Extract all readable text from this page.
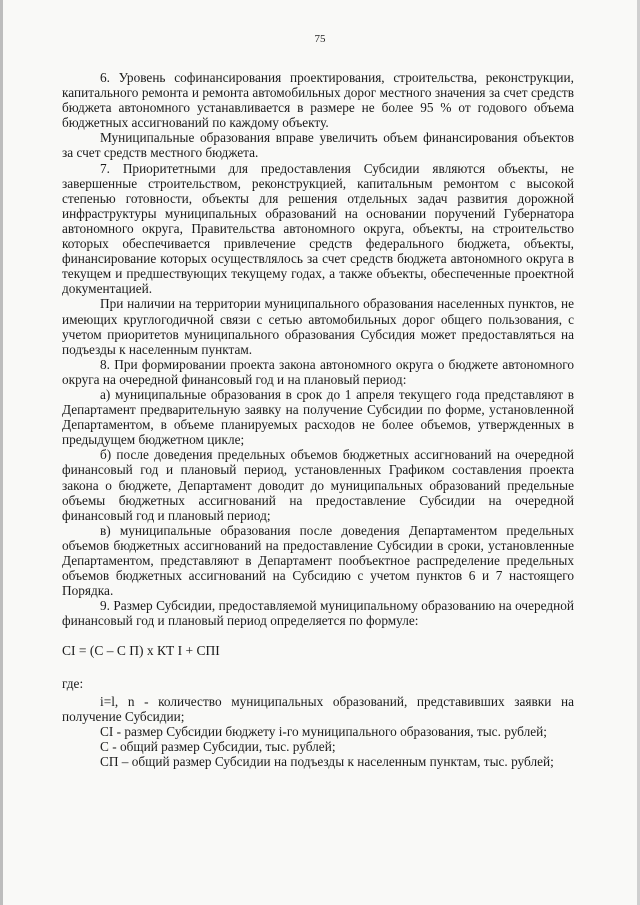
75

6. Уровень софинансирования проектирования, строительства, реконструкции, капитального ремонта и ремонта автомобильных дорог местного значения за счет средств бюджета автономного устанавливается в размере не более 95 % от годового объема бюджетных ассигнований по каждому объекту.

Муниципальные образования вправе увеличить объем финансирования объектов за счет средств местного бюджета.

7. Приоритетными для предоставления Субсидии являются объекты, не завершенные строительством, реконструкцией, капитальным ремонтом с высокой степенью готовности, объекты для решения отдельных задач развития дорожной инфраструктуры муниципальных образований на основании поручений Губернатора автономного округа, Правительства автономного округа, объекты, на строительство которых обеспечивается привлечение средств федерального бюджета, объекты, финансирование которых осуществлялось за счет средств бюджета автономного округа в текущем и предшествующих текущему годах, а также объекты, обеспеченные проектной документацией.

При наличии на территории муниципального образования населенных пунктов, не имеющих круглогодичной связи с сетью автомобильных дорог общего пользования, с учетом приоритетов муниципального образования Субсидия может предоставляться на подъезды к населенным пунктам.

8. При формировании проекта закона автономного округа о бюджете автономного округа на очередной финансовый год и на плановый период:

а) муниципальные образования в срок до 1 апреля текущего года представляют в Департамент предварительную заявку на получение Субсидии по форме, установленной Департаментом, в объеме планируемых расходов не более объемов, утвержденных в предыдущем бюджетном цикле;

б) после доведения предельных объемов бюджетных ассигнований на очередной финансовый год и плановый период, установленных Графиком составления проекта закона о бюджете, Департамент доводит до муниципальных образований предельные объемы бюджетных ассигнований на предоставление Субсидии на очередной финансовый год и плановый период;

в) муниципальные образования после доведения Департаментом предельных объемов бюджетных ассигнований на предоставление Субсидии в сроки, установленные Департаментом, представляют в Департамент пообъектное распределение предельных объемов бюджетных ассигнований на Субсидию с учетом пунктов 6 и 7 настоящего Порядка.

9. Размер Субсидии, предоставляемой муниципальному образованию на очередной финансовый год и плановый период определяется по формуле:

CI = (С – С П) х КТ I + СПI

где:

i=l, n - количество муниципальных образований, представивших заявки на получение Субсидии;

CI - размер Субсидии бюджету i-го муниципального образования, тыс. рублей;

С - общий размер Субсидии, тыс. рублей;

СП – общий размер Субсидии на подъезды к населенным пунктам, тыс. рублей;
